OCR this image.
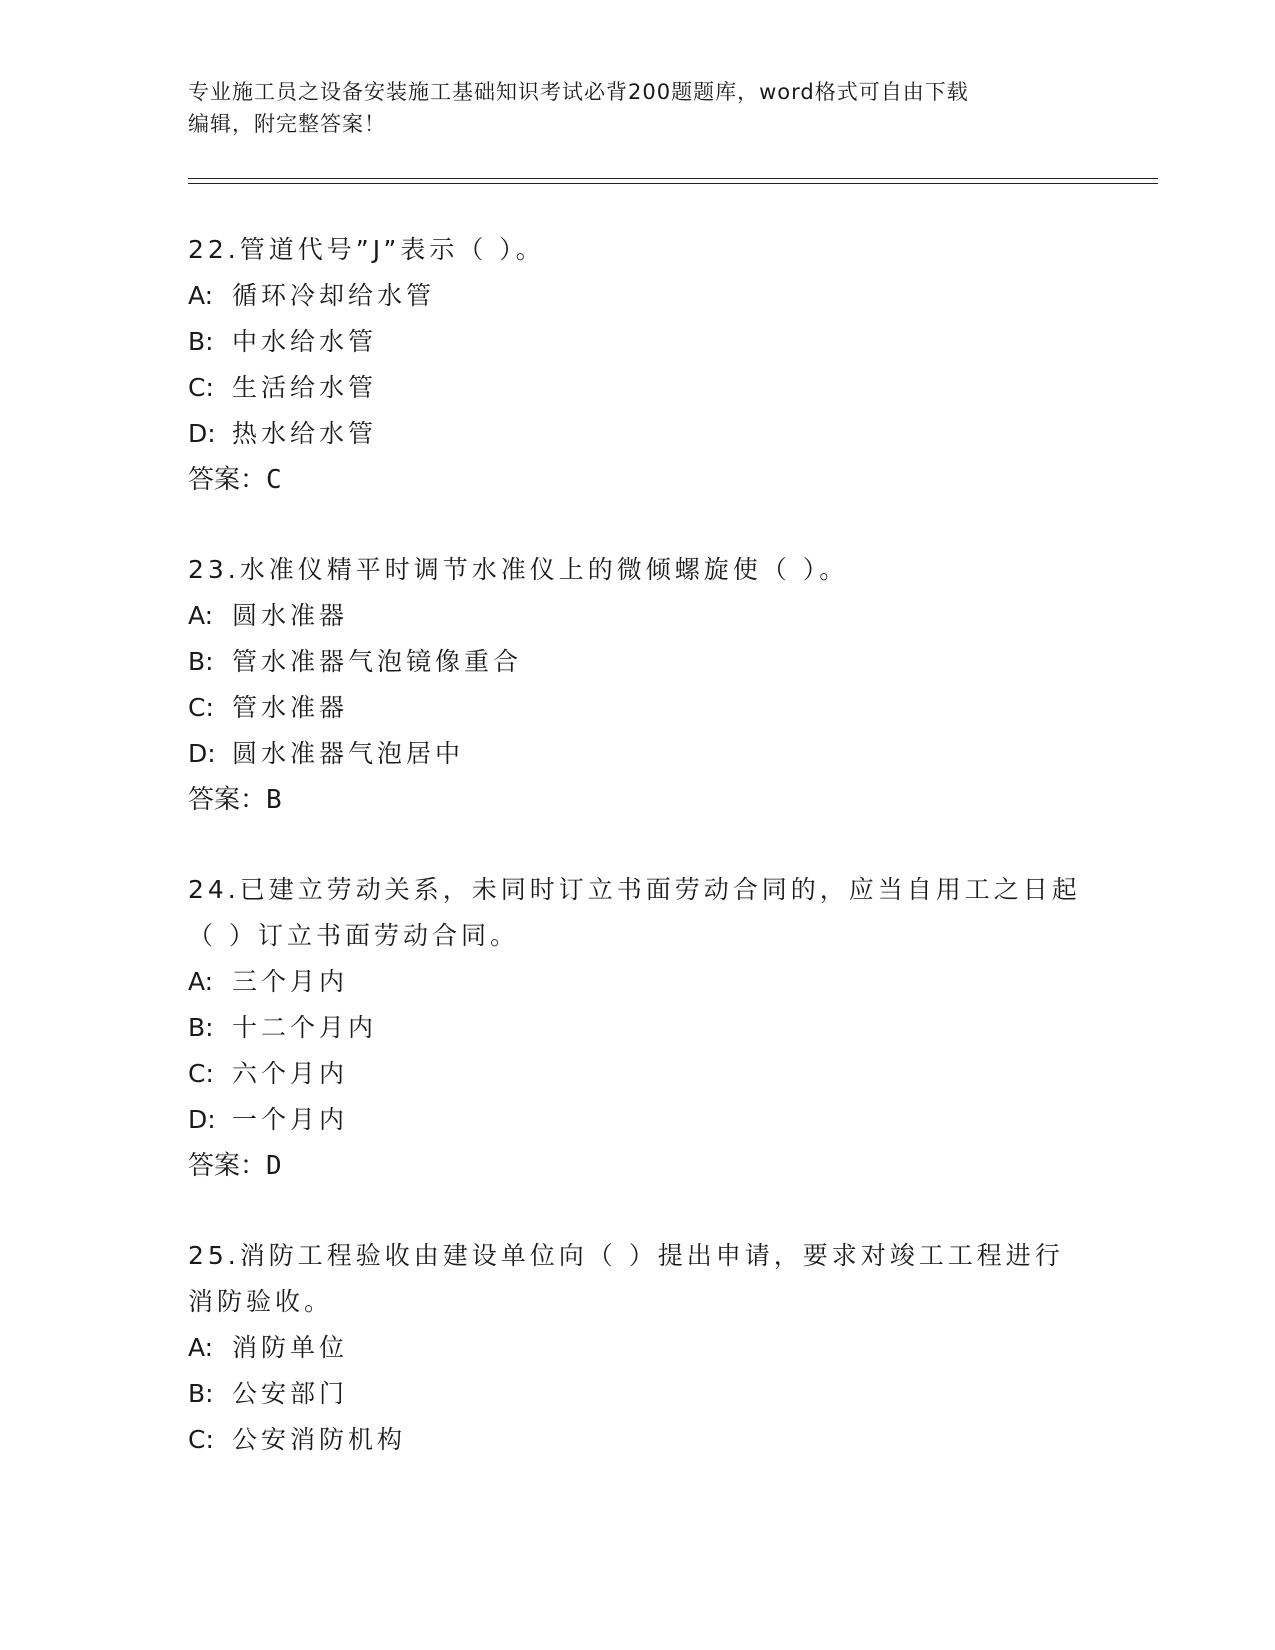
专业施工员之设备安装施工基础知识考试必背200题题库，word格式可自由下载
编辑，附完整答案！
22.管道代号”J”表示（ ）。
A: 循环冷却给水管
B: 中水给水管
C: 生活给水管
D: 热水给水管
答案：C
23.水准仪精平时调节水准仪上的微倾螺旋使（ ）。
A: 圆水准器
B: 管水准器气泡镜像重合
C: 管水准器
D: 圆水准器气泡居中
答案：B
24.已建立劳动关系，未同时订立书面劳动合同的，应当自用工之日起（ ）订立书面劳动合同。
A: 三个月内
B: 十二个月内
C: 六个月内
D: 一个月内
答案：D
25.消防工程验收由建设单位向（ ）提出申请，要求对竣工工程进行消防验收。
A: 消防单位
B: 公安部门
C: 公安消防机构
